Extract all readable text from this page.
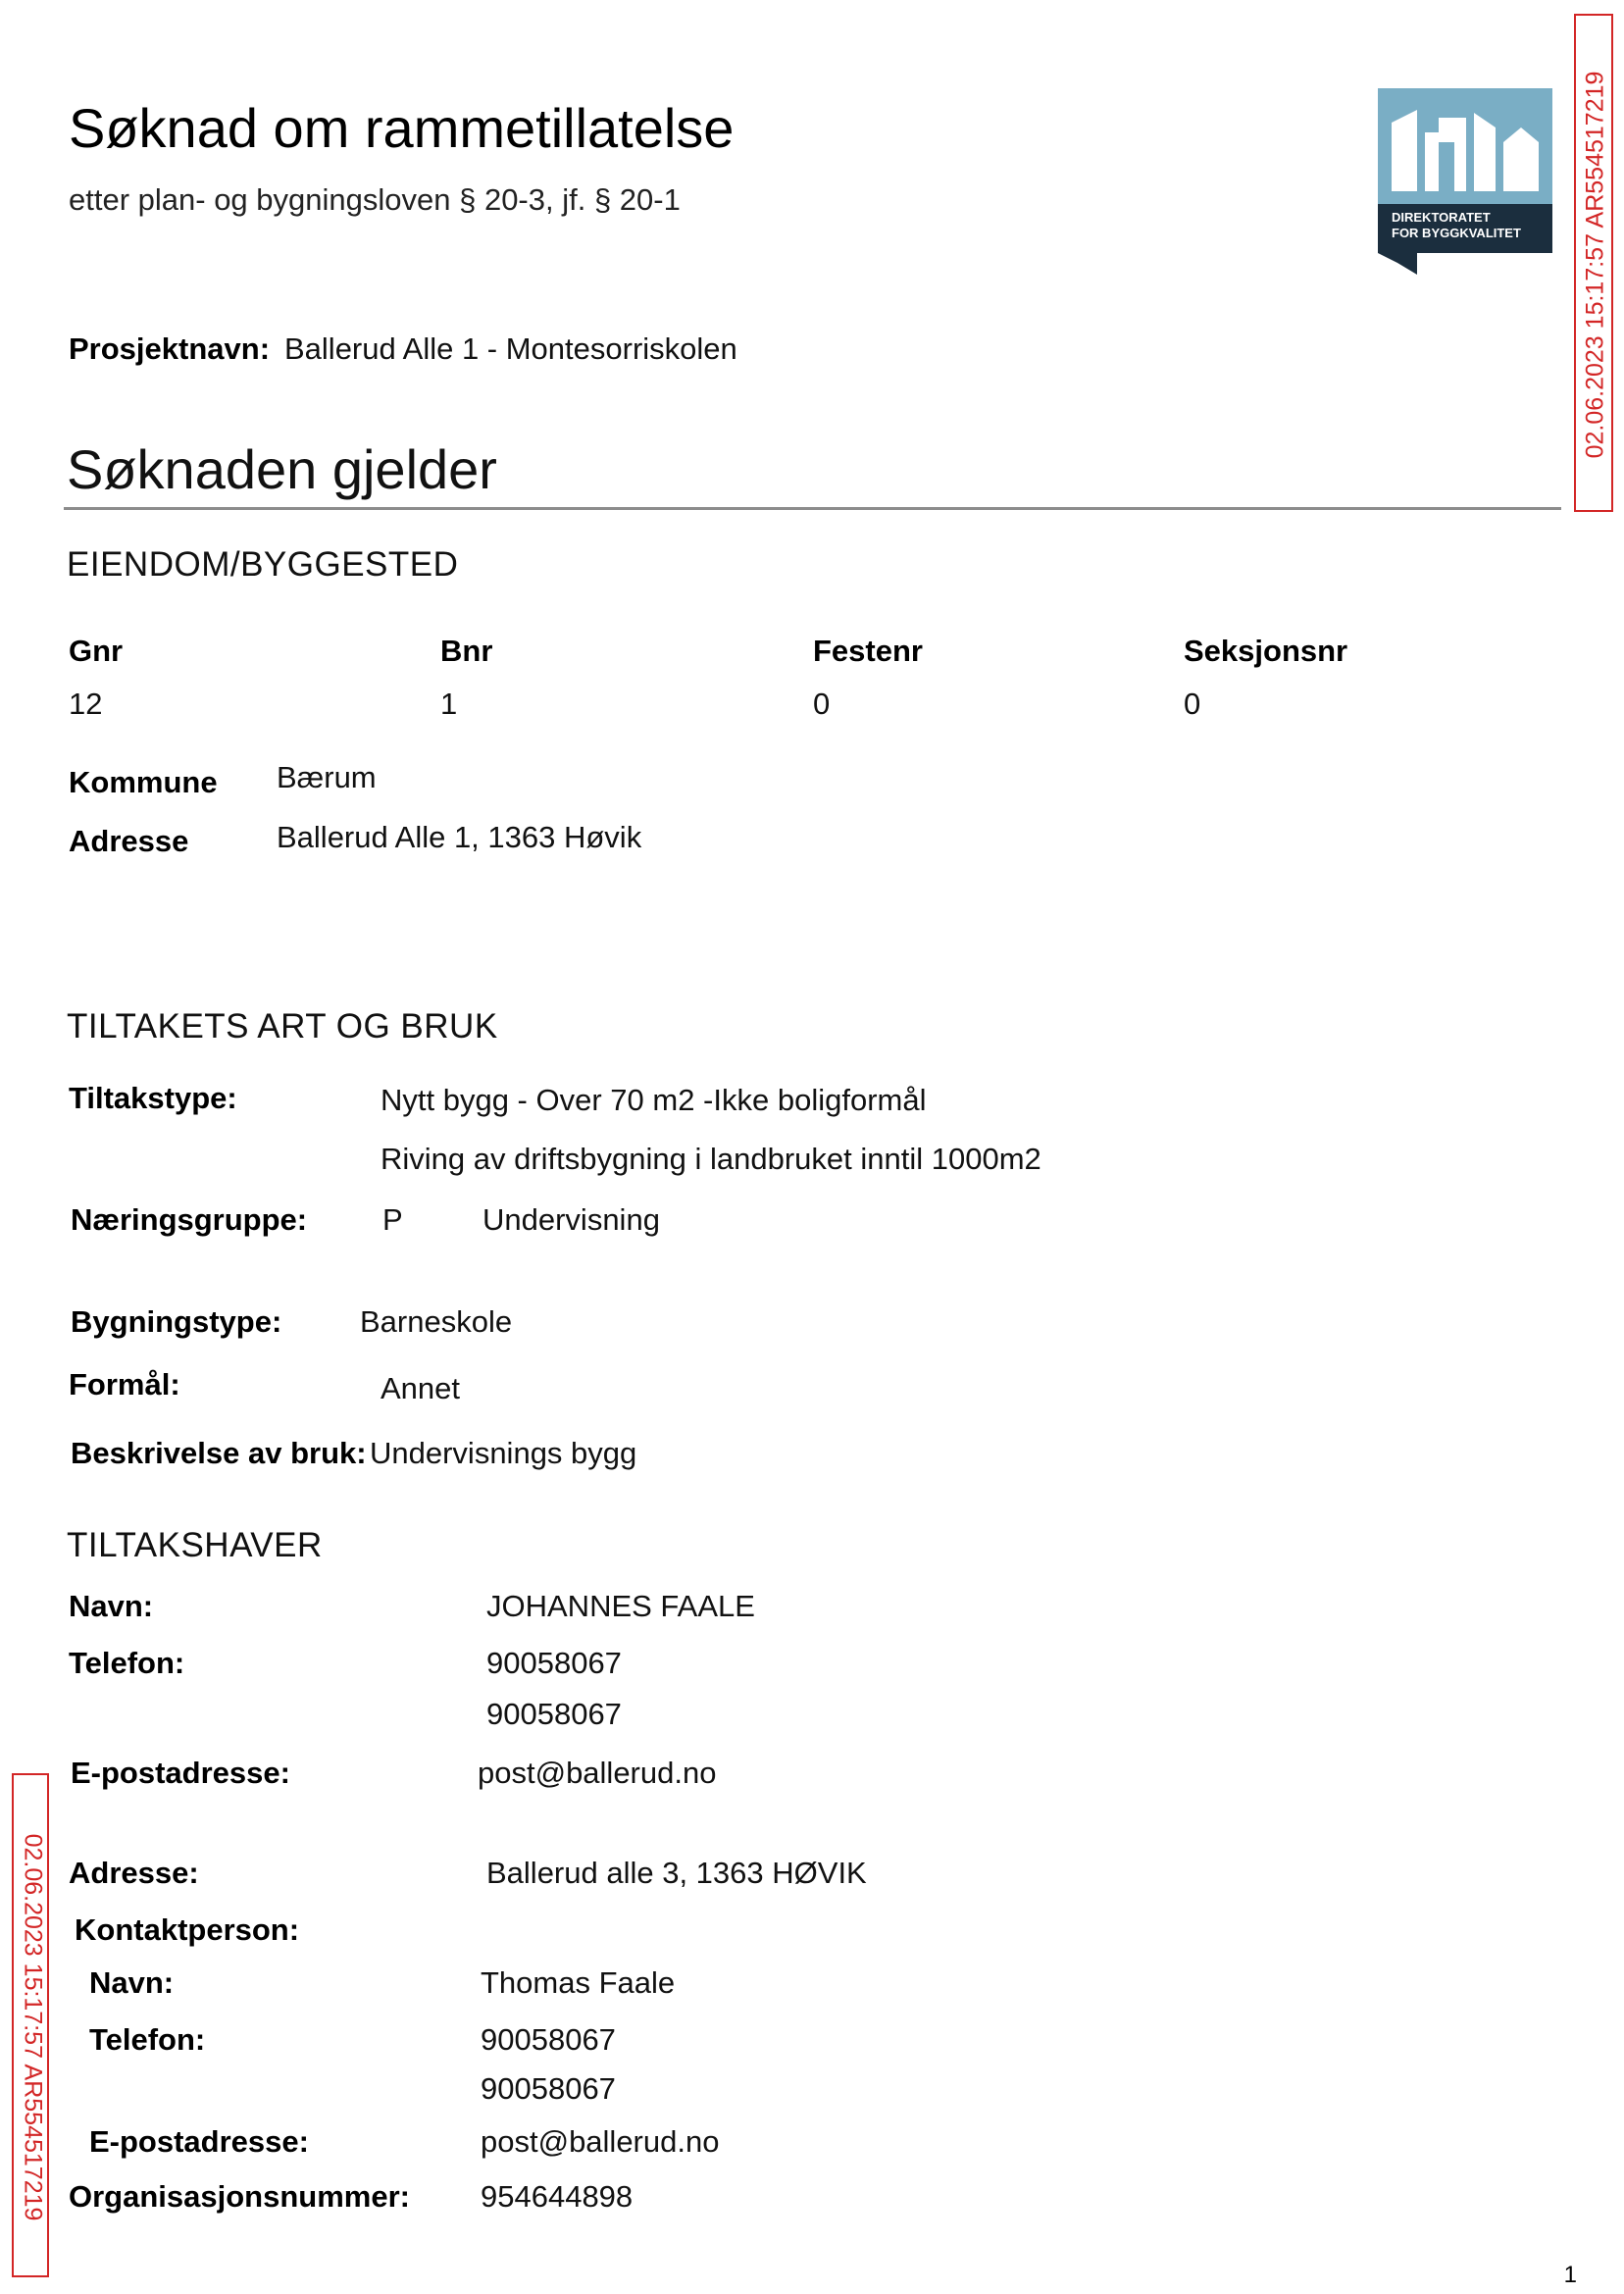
Søknad om rammetillatelse
etter plan- og bygningsloven § 20-3, jf. § 20-1
DIREKTORATET
FOR BYGGKVALITET 02.06.2023 15:17:57 AR554517219
02.06.2023 15:17:57 AR554517219
Prosjektnavn: Ballerud Alle 1 - Montesorriskolen
Søknaden gjelder
EIENDOM/BYGGESTED
Gnr	Bnr	Festenr	Seksjonsnr
12	1	0	0
Kommune Bærum
Adresse	Ballerud Alle 1, 1363 Høvik
TILTAKETS ART OG BRUK
Tiltakstype:	Nytt bygg - Over 70 m2 -Ikke boligformål
Riving av driftsbygning i landbruket inntil 1000m2
Næringsgruppe: P	Undervisning
Bygningstype:	Barneskole
Formål:	Annet
Beskrivelse av bruk: Undervisnings bygg
TILTAKSHAVER
Navn:	JOHANNES FAALE
Telefon:	90058067
90058067
E-postadresse:	post@ballerud.no
Adresse:	Ballerud alle 3, 1363 HØVIK
Kontaktperson:
Navn:	Thomas Faale
Telefon:	90058067
90058067
E-postadresse:	post@ballerud.no
Organisasjonsnummer: 954644898
1
